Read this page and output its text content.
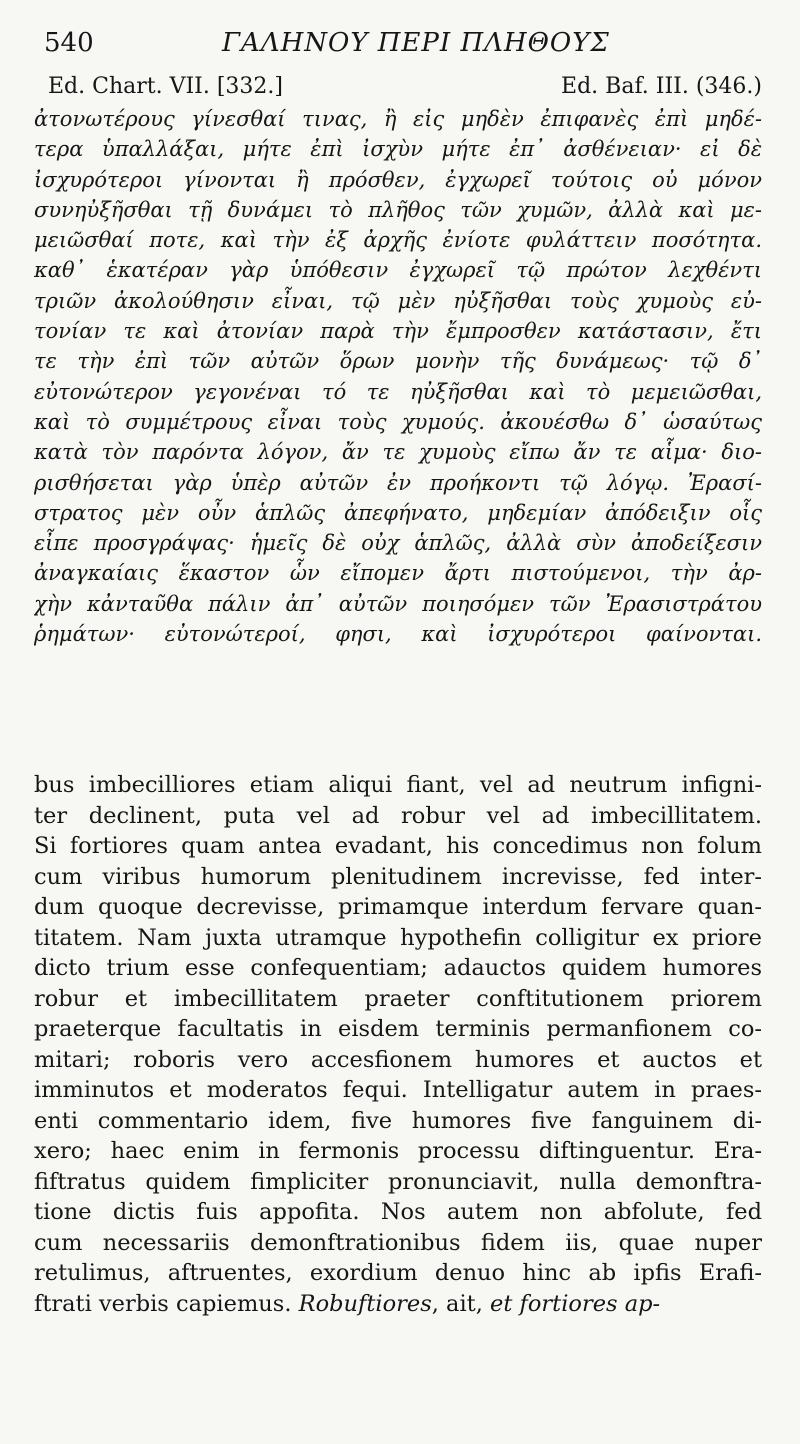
540	ΓΑΛΗΝΟΥ ΠΕΡΙ ΠΛΗΘΟΥΣ
Ed. Chart. VII. [332.]	Ed. Baf. III. (346.)
ἀτονωτέρους γίνεσθαί τινας, ἢ εἰς μηδὲν ἐπιφανὲς ἐπὶ μηδέ-
τερα ὑπαλλάξαι, μήτε ἐπὶ ἰσχὺν μήτε ἐπ᾽ ἀσθένειαν· εἰ δὲ
ἰσχυρότεροι γίνονται ἢ πρόσθεν, ἐγχωρεῖ τούτοις οὐ μόνον
συνηὐξῆσθαι τῇ δυνάμει τὸ πλῆθος τῶν χυμῶν, ἀλλὰ καὶ με-
μειῶσθαί ποτε, καὶ τὴν ἐξ ἀρχῆς ἐνίοτε φυλάττειν ποσότητα.
καθ᾽ ἑκατέραν γὰρ ὑπόθεσιν ἐγχωρεῖ τῷ πρώτον λεχθέντι
τριῶν ἀκολούθησιν εἶναι, τῷ μὲν ηὐξῆσθαι τοὺς χυμοὺς εὐ-
τονίαν τε καὶ ἀτονίαν παρὰ τὴν ἔμπροσθεν κατάστασιν, ἔτι
τε τὴν ἐπὶ τῶν αὐτῶν ὅρων μονὴν τῆς δυνάμεως· τῷ δ᾽
εὐτονώτερον γεγονέναι τό τε ηὐξῆσθαι καὶ τὸ μεμειῶσθαι,
καὶ τὸ συμμέτρους εἶναι τοὺς χυμούς. ἀκουέσθω δ᾽ ὡσαύτως
κατὰ τὸν παρόντα λόγον, ἄν τε χυμοὺς εἴπω ἄν τε αἷμα· διο-
ρισθήσεται γὰρ ὑπὲρ αὐτῶν ἐν προήκοντι τῷ λόγῳ. Ἐρασί-
στρατος μὲν οὖν ἁπλῶς ἀπεφήνατο, μηδεμίαν ἀπόδειξιν οἷς
εἶπε προσγράψας· ἡμεῖς δὲ οὐχ ἁπλῶς, ἀλλὰ σὺν ἀποδείξεσιν
ἀναγκαίαις ἕκαστον ὧν εἴπομεν ἄρτι πιστούμενοι, τὴν ἀρ-
χὴν κἀνταῦθα πάλιν ἀπ᾽ αὐτῶν ποιησόμεν τῶν Ἐρασιστράτου
ῥημάτων· εὐτονώτεροί, φησι, καὶ ἰσχυρότεροι φαίνονται.
bus imbecilliores etiam aliqui fiant, vel ad neutrum infigni-
ter declinent, puta vel ad robur vel ad imbecillitatem.
Si fortiores quam antea evadant, his concedimus non folum
cum viribus humorum plenitudinem increvisse, fed inter-
dum quoque decrevisse, primamque interdum fervare quan-
titatem. Nam juxta utramque hypothefin colligitur ex priore
dicto trium esse confequentiam; adauctos quidem humores
robur et imbecillitatem praeter conftitutionem priorem
praeterque facultatis in eisdem terminis permanfionem co-
mitari; roboris vero accesfionem humores et auctos et
imminutos et moderatos fequi. Intelligatur autem in praes-
enti commentario idem, five humores five fanguinem di-
xero; haec enim in fermonis processu diftinguentur. Era-
fiftratus quidem fimpliciter pronunciavit, nulla demonftra-
tione dictis fuis appofita. Nos autem non abfolute, fed
cum necessariis demonftrationibus fidem iis, quae nuper
retulimus, aftruentes, exordium denuo hinc ab ipfis Erafi-
ftrati verbis capiemus. Robuftiores, ait, et fortiores ap-
